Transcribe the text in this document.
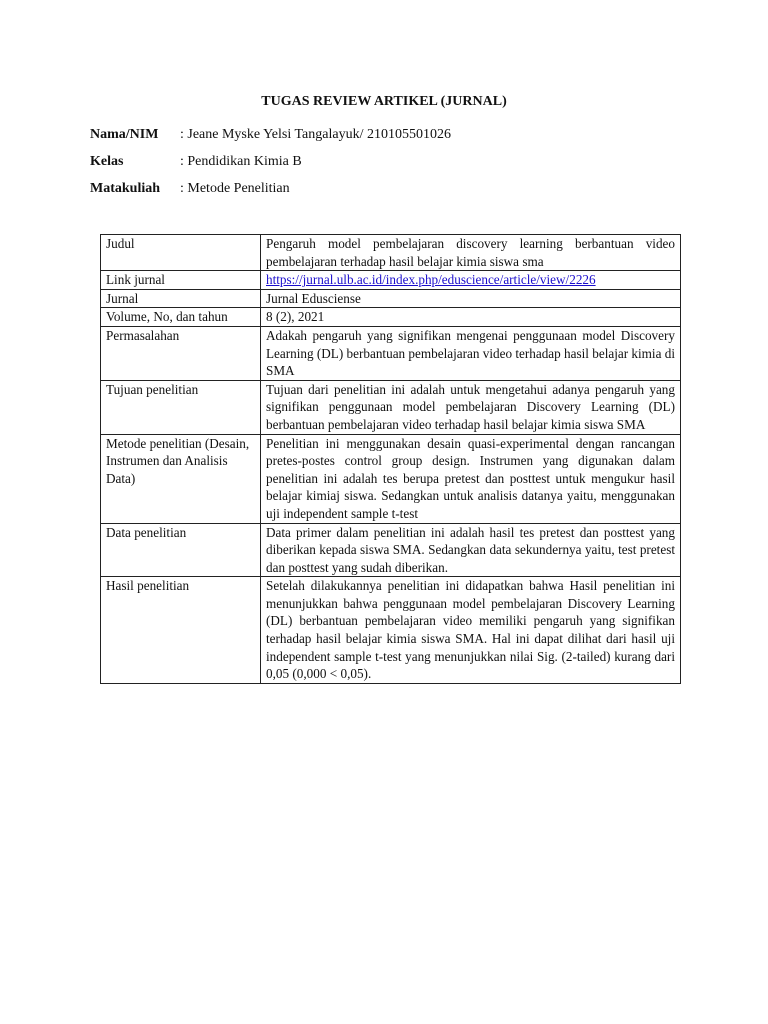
TUGAS REVIEW ARTIKEL (JURNAL)
Nama/NIM : Jeane Myske Yelsi Tangalayuk/ 210105501026
Kelas	: Pendidikan Kimia B
Matakuliah : Metode Penelitian
Judul	Pengaruh model pembelajaran discovery learning berbantuan video pembelajaran terhadap hasil belajar kimia siswa sma
Link jurnal	https://jurnal.ulb.ac.id/index.php/eduscience/article/view/2226
Jurnal	Jurnal Edusciense
Volume, No, dan tahun	8 (2), 2021
Permasalahan	Adakah pengaruh yang signifikan mengenai penggunaan model Discovery Learning (DL) berbantuan pembelajaran video terhadap hasil belajar kimia di SMA
Tujuan penelitian	Tujuan dari penelitian ini adalah untuk mengetahui adanya pengaruh yang signifikan penggunaan model pembelajaran Discovery Learning (DL) berbantuan pembelajaran video terhadap hasil belajar kimia siswa SMA
Metode penelitian (Desain, Instrumen dan Analisis Data)	Penelitian ini menggunakan desain quasi-experimental dengan rancangan pretes-postes control group design. Instrumen yang digunakan dalam penelitian ini adalah tes berupa pretest dan posttest untuk mengukur hasil belajar kimiaj siswa. Sedangkan untuk analisis datanya yaitu, menggunakan uji independent sample t-test
Data penelitian	Data primer dalam penelitian ini adalah hasil tes pretest dan posttest yang diberikan kepada siswa SMA. Sedangkan data sekundernya yaitu, test pretest dan posttest yang sudah diberikan.
Hasil penelitian	Setelah dilakukannya penelitian ini didapatkan bahwa Hasil penelitian ini menunjukkan bahwa penggunaan model pembelajaran Discovery Learning (DL) berbantuan pembelajaran video memiliki pengaruh yang signifikan terhadap hasil belajar kimia siswa SMA. Hal ini dapat dilihat dari hasil uji independent sample t-test yang menunjukkan nilai Sig. (2-tailed) kurang dari 0,05 (0,000 < 0,05).
